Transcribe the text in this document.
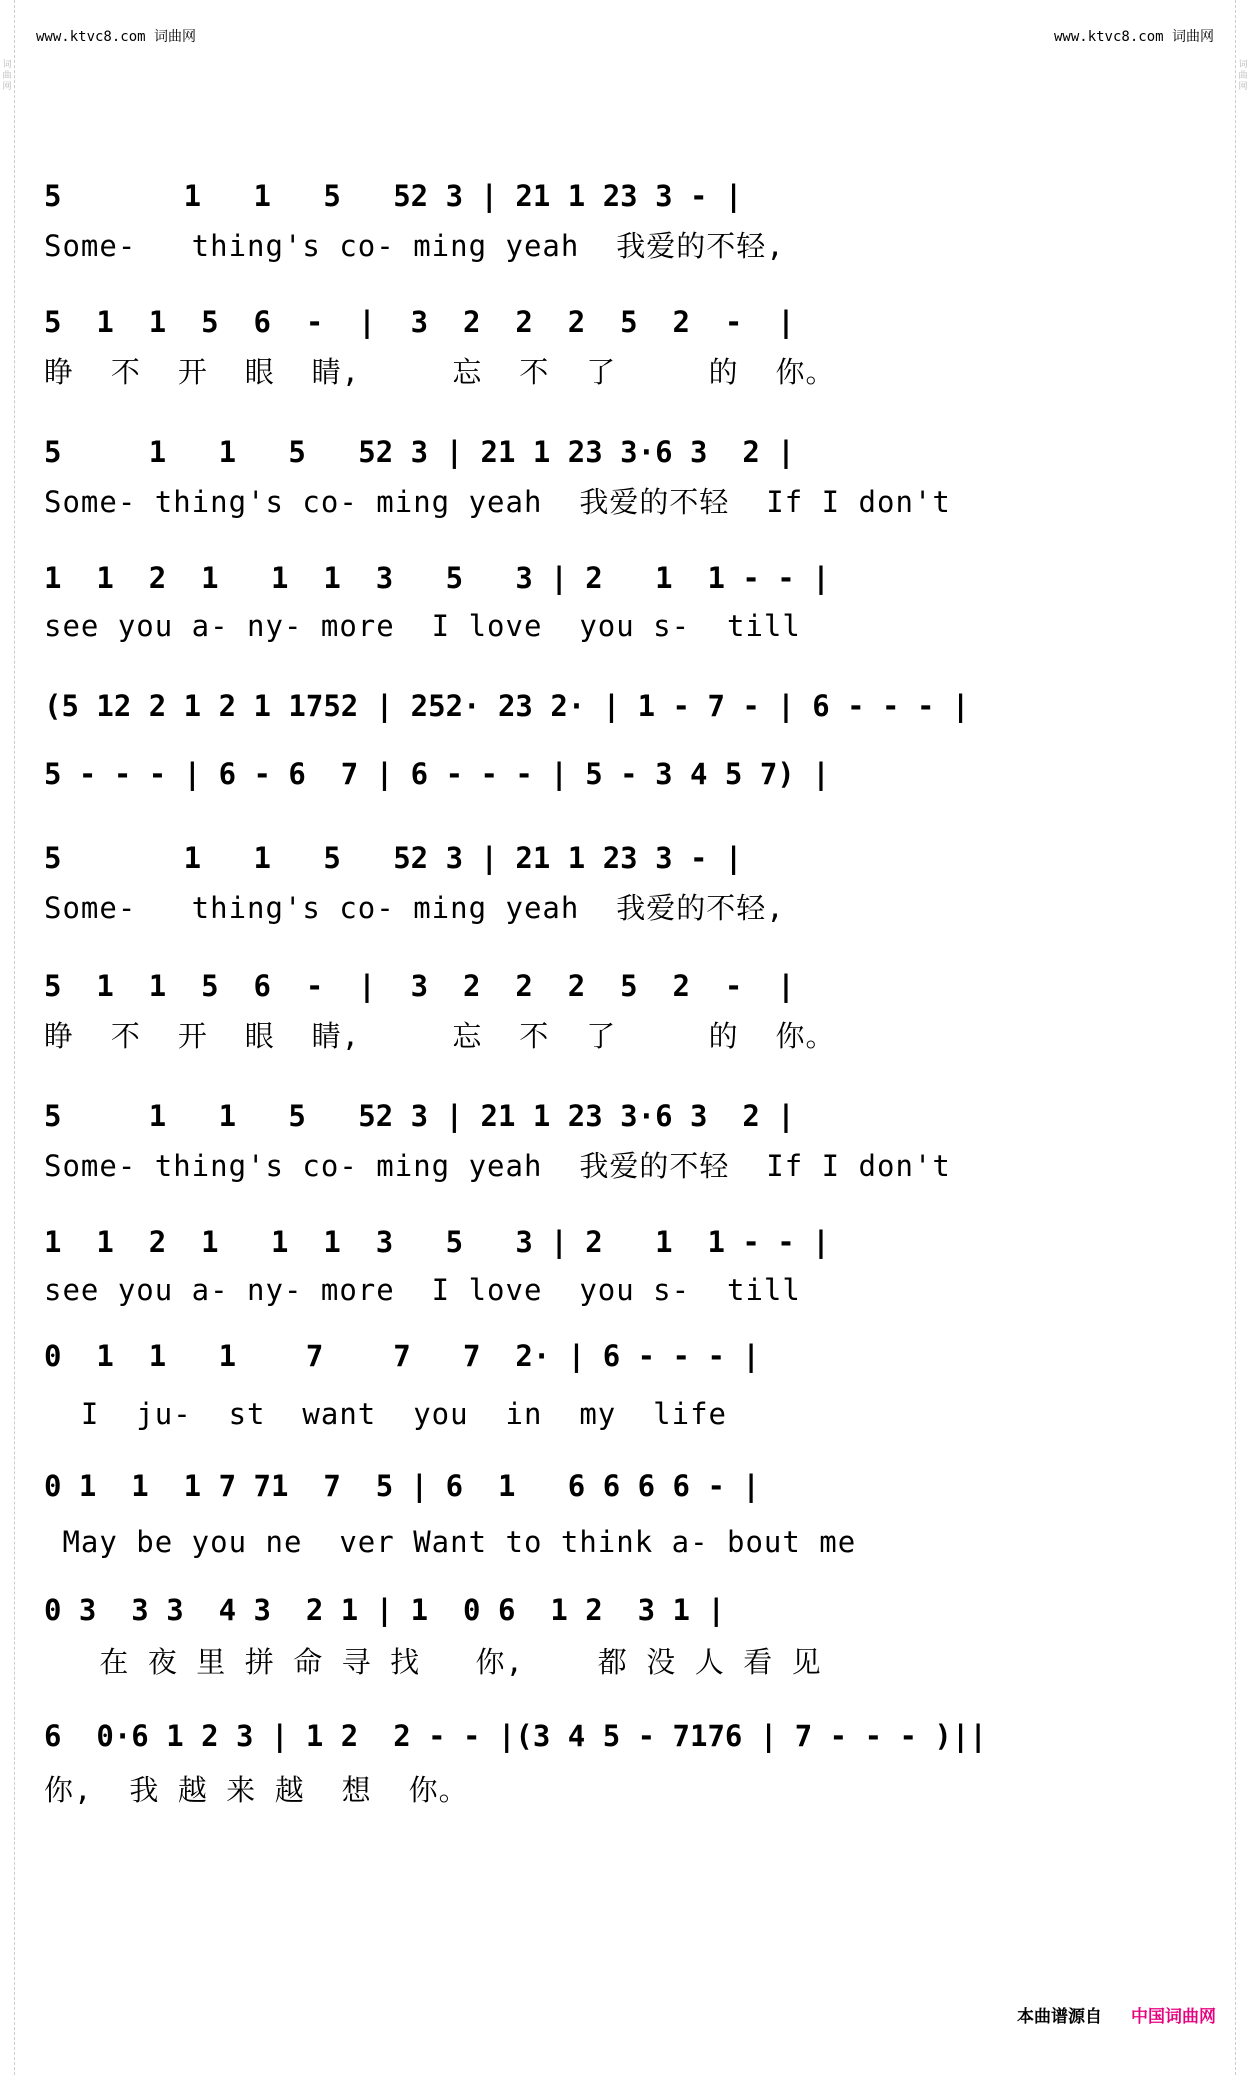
词
曲
网
词
曲
网
www.ktvc8.com 词曲网	www.ktvc8.com 词曲网
5       1   1   5   52 3 | 21 1 23 3 - |
Some-   thing's co- ming yeah  我爱的不轻,
5  1  1  5  6  -  |  3  2  2  2  5  2  -  |
睁  不  开  眼  睛,     忘  不  了     的  你。
5     1   1   5   52 3 | 21 1 23 3·6 3  2 |
Some- thing's co- ming yeah  我爱的不轻  If I don't
1  1  2  1   1  1  3   5   3 | 2   1  1 - - |
see you a- ny- more  I love  you s-  till
(5 12 2 1 2 1 1752 | 252· 23 2· | 1 - 7 - | 6 - - - |
5 - - - | 6 - 6  7 | 6 - - - | 5 - 3 4 5 7) |
5       1   1   5   52 3 | 21 1 23 3 - |
Some-   thing's co- ming yeah  我爱的不轻,
5  1  1  5  6  -  |  3  2  2  2  5  2  -  |
睁  不  开  眼  睛,     忘  不  了     的  你。
5     1   1   5   52 3 | 21 1 23 3·6 3  2 |
Some- thing's co- ming yeah  我爱的不轻  If I don't
1  1  2  1   1  1  3   5   3 | 2   1  1 - - |
see you a- ny- more  I love  you s-  till
0  1  1   1    7    7   7  2· | 6 - - - |
I  ju-  st  want  you  in  my  life
0 1  1  1 7 71  7  5 | 6  1   6 6 6 6 - |
May be you ne  ver Want to think a- bout me
0 3  3 3  4 3  2 1 | 1  0 6  1 2  3 1 |
在 夜 里 拼 命 寻 找   你,    都 没 人 看 见
6  0·6 1 2 3 | 1 2  2 - - |(3 4 5 - 7176 | 7 - - - )||
你,  我 越 来 越  想  你。
本曲谱源自 中国词曲网
